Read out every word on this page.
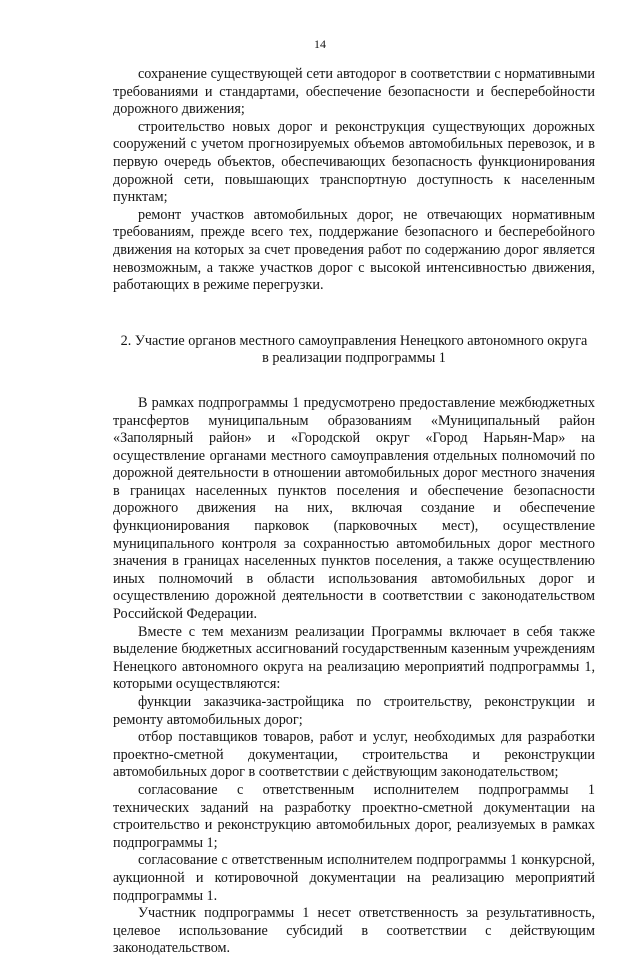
14

сохранение существующей сети автодорог в соответствии с нормативными требованиями и стандартами, обеспечение безопасности и бесперебойности дорожного движения;

строительство новых дорог и реконструкция существующих дорожных сооружений с учетом прогнозируемых объемов автомобильных перевозок, и в первую очередь объектов, обеспечивающих безопасность функционирования дорожной сети, повышающих транспортную доступность к населенным пунктам;

ремонт участков автомобильных дорог, не отвечающих нормативным требованиям, прежде всего тех, поддержание безопасного и бесперебойного движения на которых за счет проведения работ по содержанию дорог является невозможным, а также участков дорог с высокой интенсивностью движения, работающих в режиме перегрузки.

2. Участие органов местного самоуправления Ненецкого автономного округа
в реализации подпрограммы 1

В рамках подпрограммы 1 предусмотрено предоставление межбюджетных трансфертов муниципальным образованиям «Муниципальный район «Заполярный район» и «Городской округ «Город Нарьян-Мар» на осуществление органами местного самоуправления отдельных полномочий по дорожной деятельности в отношении автомобильных дорог местного значения в границах населенных пунктов поселения и обеспечение безопасности дорожного движения на них, включая создание и обеспечение функционирования парковок (парковочных мест), осуществление муниципального контроля за сохранностью автомобильных дорог местного значения в границах населенных пунктов поселения, а также осуществлению иных полномочий в области использования автомобильных дорог и осуществлению дорожной деятельности в соответствии с законодательством Российской Федерации.

Вместе с тем механизм реализации Программы включает в себя также выделение бюджетных ассигнований государственным казенным учреждениям Ненецкого автономного округа на реализацию мероприятий подпрограммы 1, которыми осуществляются:

функции заказчика-застройщика по строительству, реконструкции и ремонту автомобильных дорог;

отбор поставщиков товаров, работ и услуг, необходимых для разработки проектно-сметной документации, строительства и реконструкции автомобильных дорог в соответствии с действующим законодательством;

согласование с ответственным исполнителем подпрограммы 1 технических заданий на разработку проектно-сметной документации на строительство и реконструкцию автомобильных дорог, реализуемых в рамках подпрограммы 1;

согласование с ответственным исполнителем подпрограммы 1 конкурсной, аукционной и котировочной документации на реализацию мероприятий подпрограммы 1.

Участник подпрограммы 1 несет ответственность за результативность, целевое использование субсидий в соответствии с действующим законодательством.
